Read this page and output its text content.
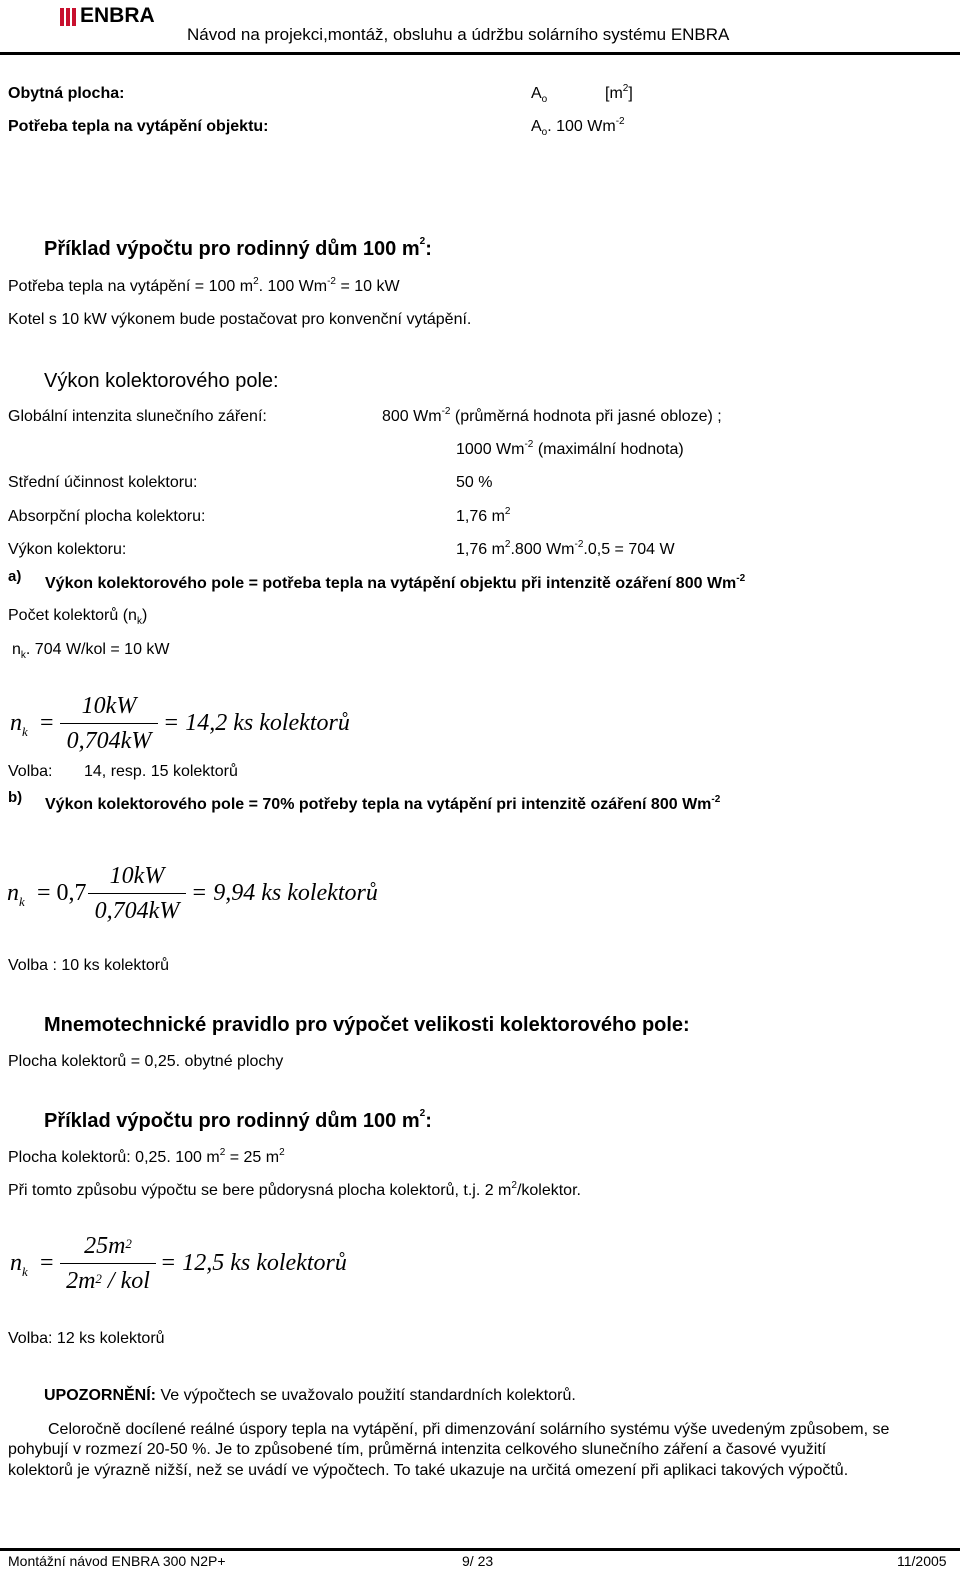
ENBRA
Návod na projekci,montáž, obsluhu a údržbu solárního systému ENBRA
Obytná plocha:	$A_o$	$[m^2]$
Potřeba tepla na vytápění objektu:	$A_o$. 100 $Wm^{-2}$
Příklad výpočtu pro rodinný dům 100 $m^2$:
Potřeba tepla na vytápění = 100 $m^2$. 100 $Wm^{-2} = 10$ kW
Kotel s 10 kW výkonem bude postačovat pro konvenční vytápění.
Výkon kolektorového pole:
Globální intenzita slunečního záření:	800 $Wm^{-2}$ (průměrná hodnota při jasné obloze) ;
1000 $Wm^{-2}$ (maximální hodnota)
Střední účinnost kolektoru:	50 %
Absorpční plocha kolektoru:	1,76 $m^2$
Výkon kolektoru:	1,76 $m^2.800$ $Wm^{-2}.0,5 = 704$ W
a) Výkon kolektorového pole = potřeba tepla na vytápění objektu při intenzitě ozáření 800 $Wm^{-2}$
Počet kolektorů $(n_k)$
$n_k$. 704 W/kol = 10 kW
$n_k$ =
10kW
0,704kW
= 14,2 ks kolektorů
Volba: 14, resp. 15 kolektorů
b) Výkon kolektorového pole = 70% potřeby tepla na vytápění pri intenzitě ozáření 800 $Wm^{-2}$
$n_k = 0,7$
10kW
0,704kW
= 9,94 ks kolektorů
Volba : 10 ks kolektorů
Mnemotechnické pravidlo pro výpočet velikosti kolektorového pole:
Plocha kolektorů = 0,25. obytné plochy
Příklad výpočtu pro rodinný dům 100 $m^2$:
Plocha kolektorů: 0,25. 100 $m^2 = 25$ $m^2$
Při tomto způsobu výpočtu se bere půdorysná plocha kolektorů, t.j. 2 $m^2$/kolektor.
$n_k$ =
$25m^2$
$2m^2$ / kol
= 12,5 ks kolektorů
Volba: 12 ks kolektorů
UPOZORNĚNÍ: Ve výpočtech se uvažovalo použití standardních kolektorů.
Celoročně docílené reálné úspory tepla na vytápění, při dimenzování solárního systému výše uvedeným způsobem, se
pohybují v rozmezí 20-50 %. Je to způsobené tím, průměrná intenzita celkového slunečního záření a časové využití
kolektorů je výrazně nižší, než se uvádí ve výpočtech. To také ukazuje na určitá omezení při aplikaci takových výpočtů.
Montážní návod ENBRA 300 N2P+	9/ 23	11/2005
